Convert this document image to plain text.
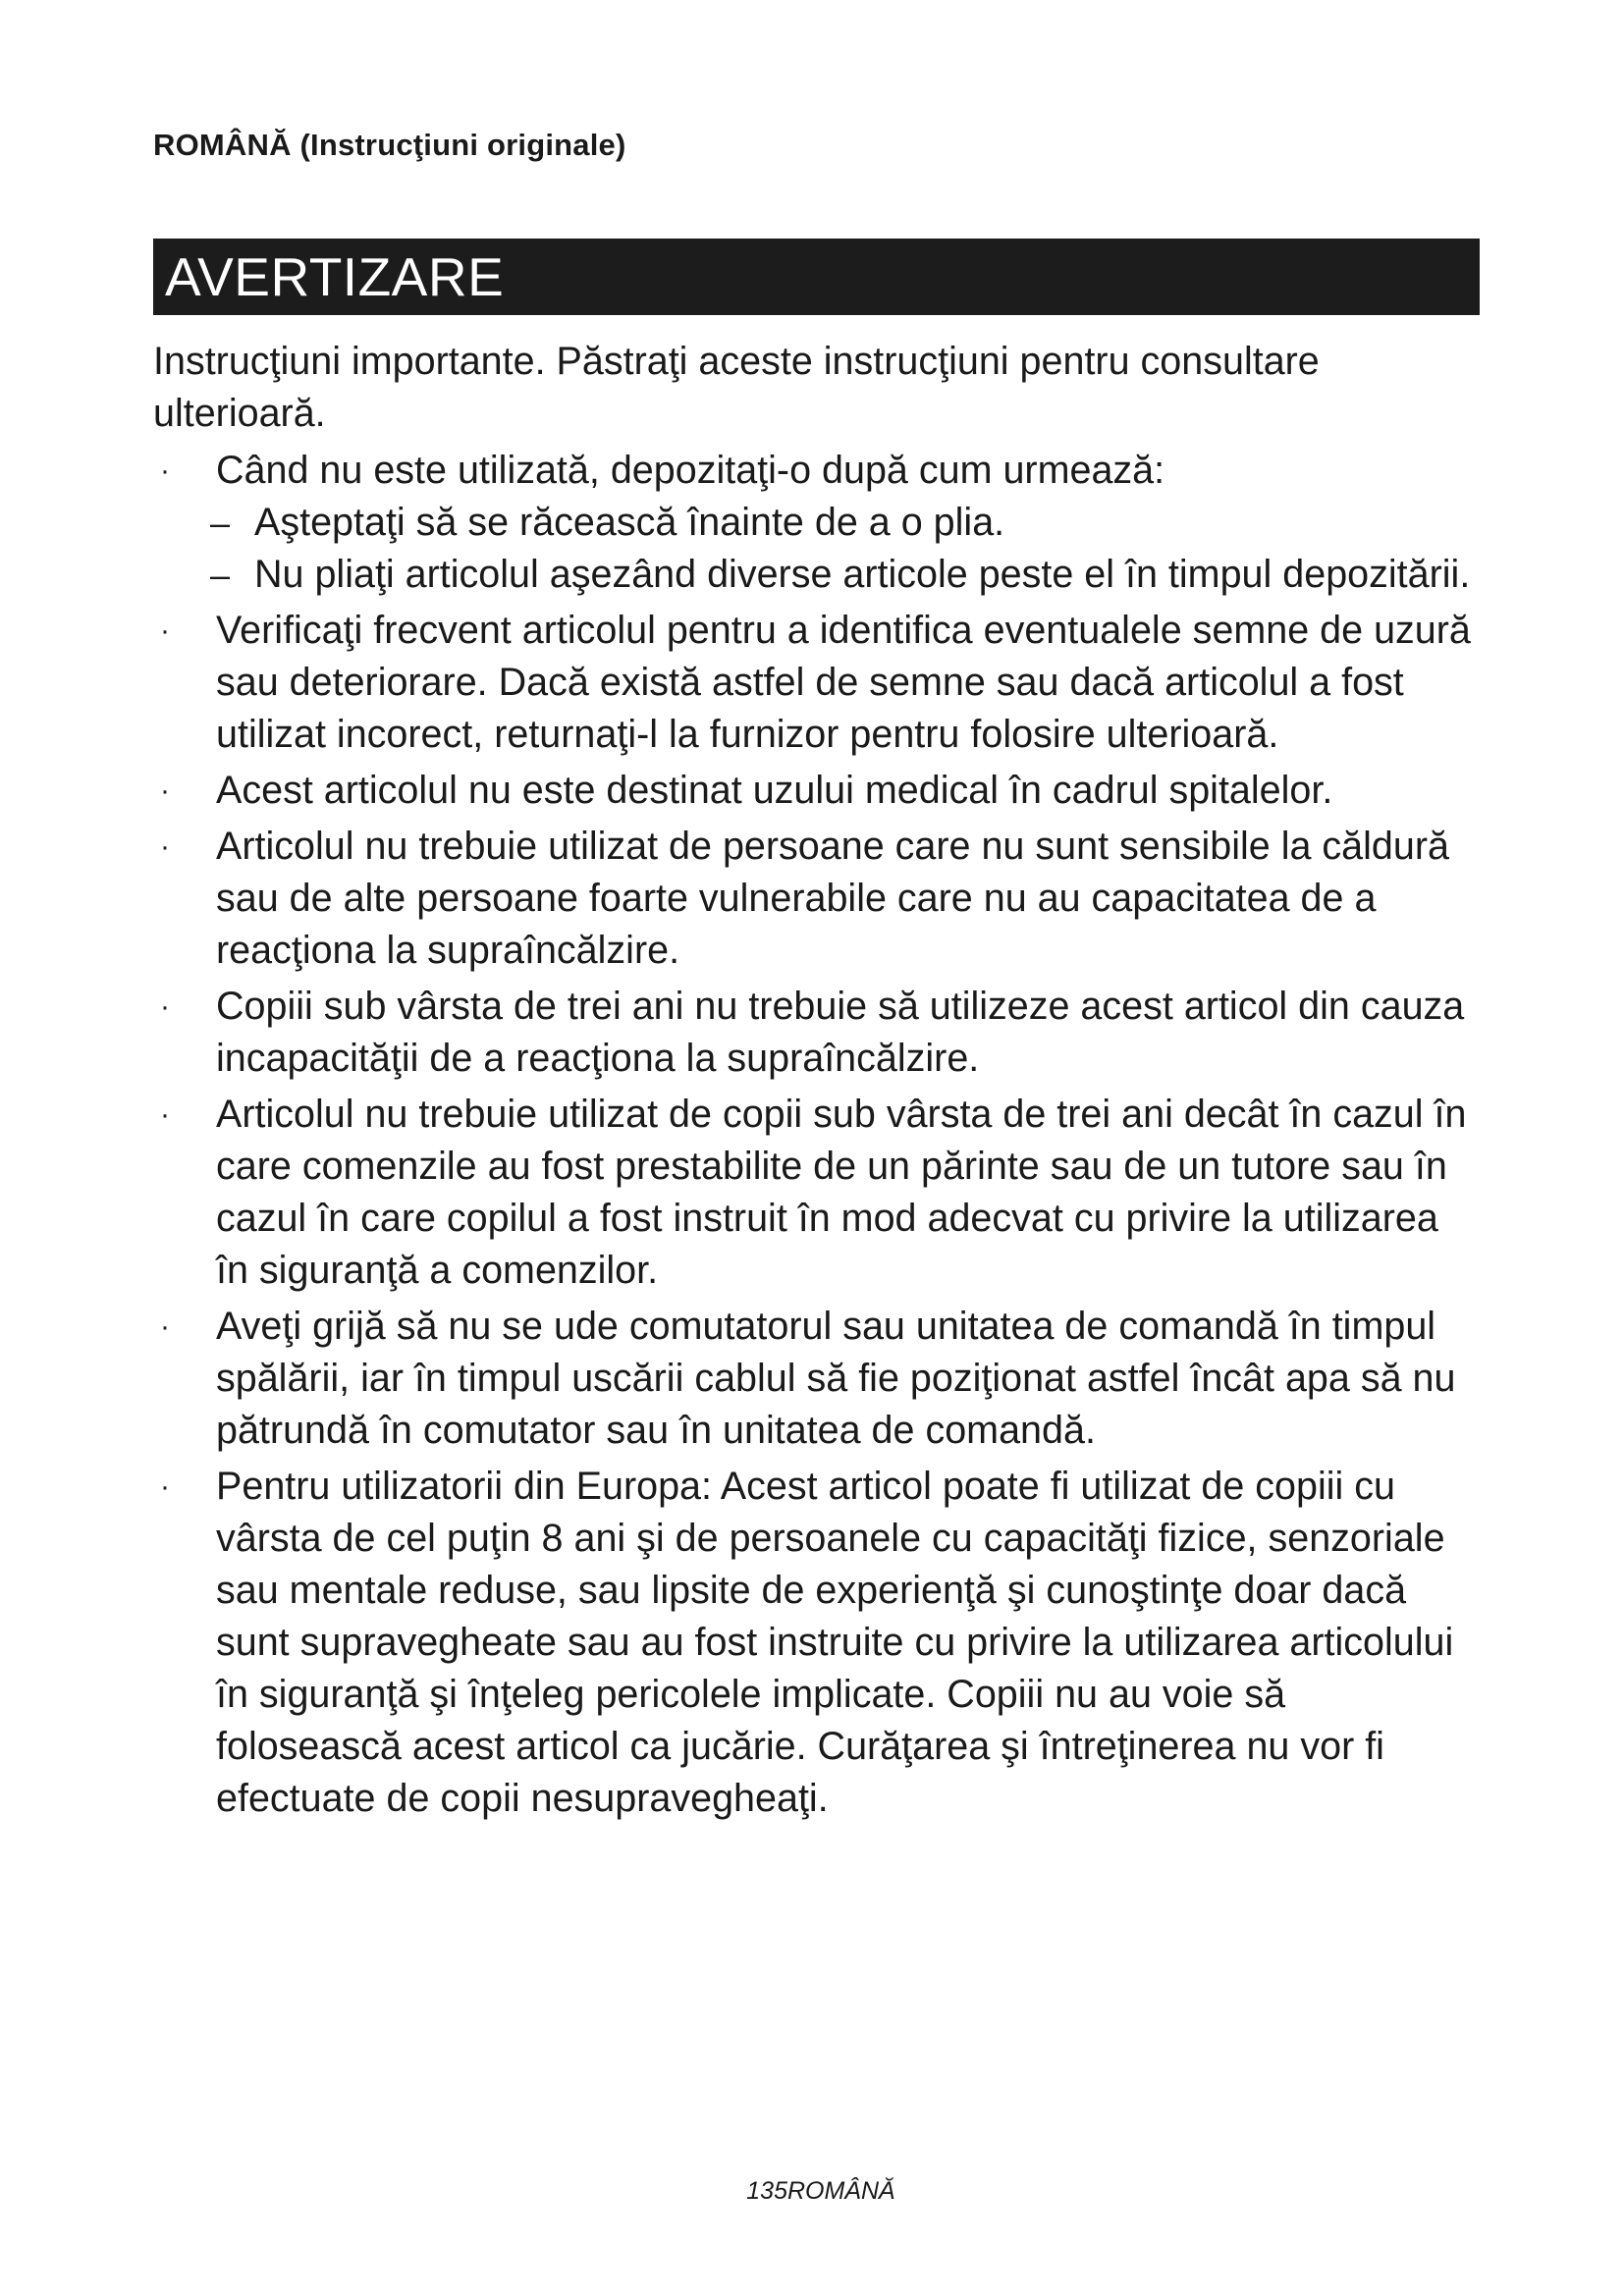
ROMÂNĂ (Instrucţiuni originale)
AVERTIZARE

Instrucţiuni importante. Păstraţi aceste instrucţiuni pentru consultare ulterioară.

· Când nu este utilizată, depozitaţi-o după cum urmează:
– Aşteptaţi să se răcească înainte de a o plia.
– Nu pliaţi articolul aşezând diverse articole peste el în timpul depozitării.
· Verificaţi frecvent articolul pentru a identifica eventualele semne de uzură sau deteriorare. Dacă există astfel de semne sau dacă articolul a fost utilizat incorect, returnaţi-l la furnizor pentru folosire ulterioară.
· Acest articolul nu este destinat uzului medical în cadrul spitalelor.
· Articolul nu trebuie utilizat de persoane care nu sunt sensibile la căldură sau de alte persoane foarte vulnerabile care nu au capacitatea de a reacţiona la supraîncălzire.
· Copiii sub vârsta de trei ani nu trebuie să utilizeze acest articol din cauza incapacităţii de a reacţiona la supraîncălzire.
· Articolul nu trebuie utilizat de copii sub vârsta de trei ani decât în cazul în care comenzile au fost prestabilite de un părinte sau de un tutore sau în cazul în care copilul a fost instruit în mod adecvat cu privire la utilizarea în siguranţă a comenzilor.
· Aveţi grijă să nu se ude comutatorul sau unitatea de comandă în timpul spălării, iar în timpul uscării cablul să fie poziţionat astfel încât apa să nu pătrundă în comutator sau în unitatea de comandă.
· Pentru utilizatorii din Europa: Acest articol poate fi utilizat de copiii cu vârsta de cel puţin 8 ani şi de persoanele cu capacităţi fizice, senzoriale sau mentale reduse, sau lipsite de experienţă şi cunoştinţe doar dacă sunt supravegheate sau au fost instruite cu privire la utilizarea articolului în siguranţă şi înţeleg pericolele implicate. Copiii nu au voie să folosească acest articol ca jucărie. Curăţarea şi întreţinerea nu vor fi efectuate de copii nesupravegheaţi.
135ROMÂNĂ
